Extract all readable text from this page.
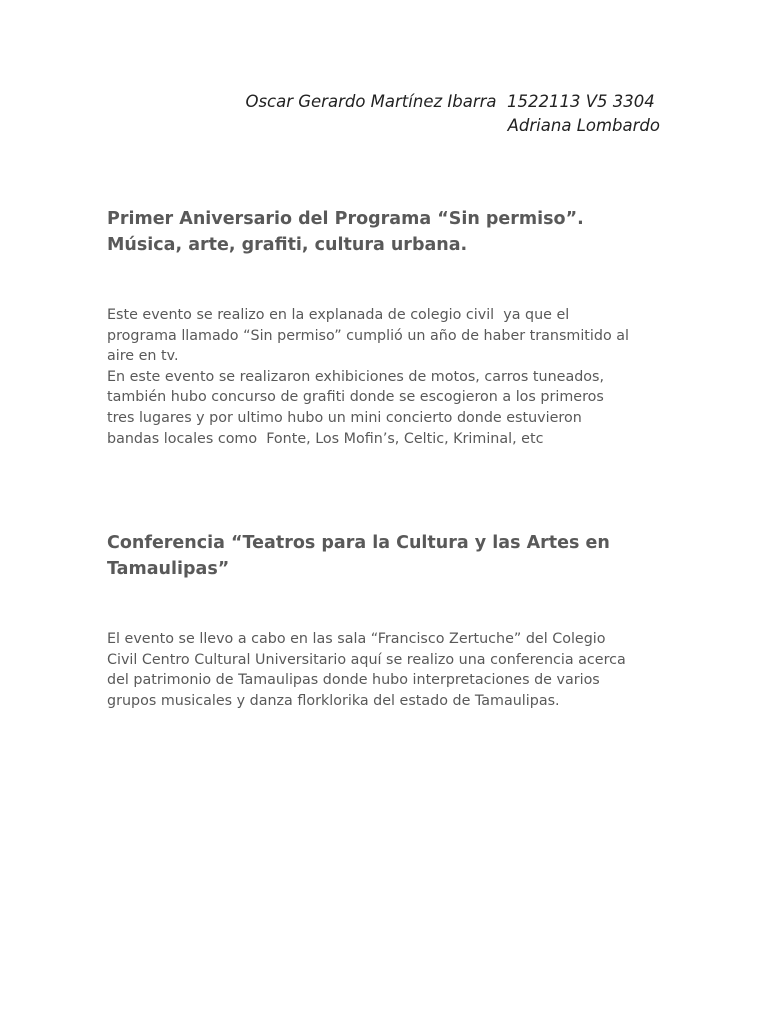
Oscar Gerardo Martínez Ibarra  1522113 V5 3304
Adriana Lombardo
Primer Aniversario del Programa “Sin permiso”.
Música, arte, grafiti, cultura urbana.
Este evento se realizo en la explanada de colegio civil  ya que el
programa llamado “Sin permiso” cumplió un año de haber transmitido al
aire en tv.
En este evento se realizaron exhibiciones de motos, carros tuneados,
también hubo concurso de grafiti donde se escogieron a los primeros
tres lugares y por ultimo hubo un mini concierto donde estuvieron
bandas locales como  Fonte, Los Mofin’s, Celtic, Kriminal, etc
Conferencia “Teatros para la Cultura y las Artes en
Tamaulipas”
El evento se llevo a cabo en las sala “Francisco Zertuche” del Colegio
Civil Centro Cultural Universitario aquí se realizo una conferencia acerca
del patrimonio de Tamaulipas donde hubo interpretaciones de varios
grupos musicales y danza florklorika del estado de Tamaulipas.
